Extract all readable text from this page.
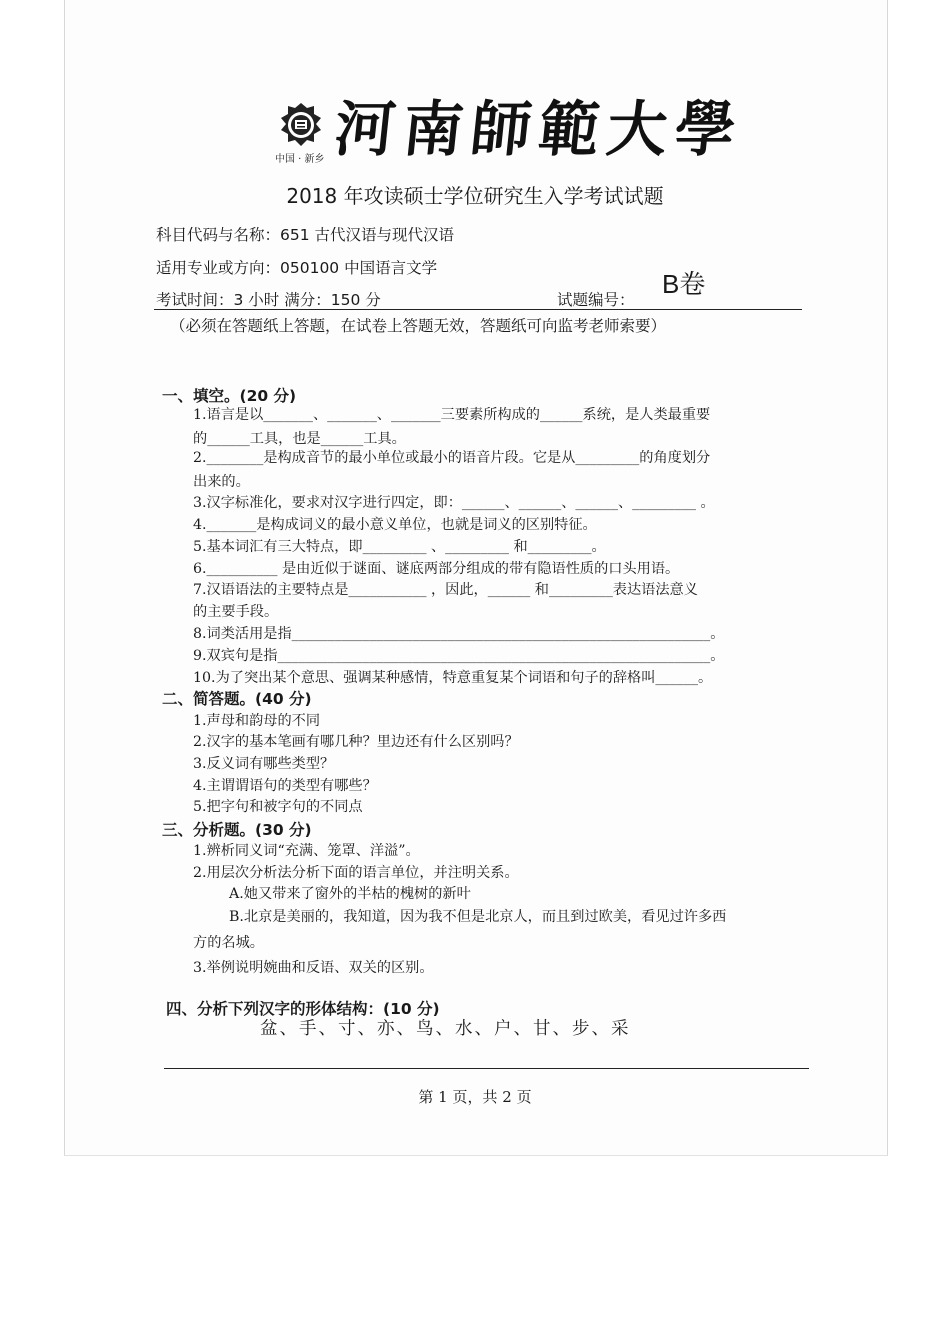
中国 · 新乡 河南師範大學
2018 年攻读硕士学位研究生入学考试试题
科目代码与名称：651 古代汉语与现代汉语
适用专业或方向：050100 中国语言文学
考试时间：3 小时 满分：150 分	试题编号：
B卷
（必须在答题纸上答题，在试卷上答题无效，答题纸可向监考老师索要）
一、填空。(20 分)
1.语言是以_______、_______、_______三要素所构成的______系统，是人类最重要
的______工具，也是______工具。
2.________是构成音节的最小单位或最小的语音片段。它是从_________的角度划分
出来的。
3.汉字标准化，要求对汉字进行四定，即：______、______、______、_________ 。
4._______是构成词义的最小意义单位，也就是词义的区别特征。
5.基本词汇有三大特点，即_________ 、_________ 和_________。
6.__________ 是由近似于谜面、谜底两部分组成的带有隐语性质的口头用语。
7.汉语语法的主要特点是___________ ，因此，______ 和_________表达语法意义
的主要手段。
8.词类活用是指___________________________________________________________。
9.双宾句是指_____________________________________________________________。
10.为了突出某个意思、强调某种感情，特意重复某个词语和句子的辞格叫______。
二、简答题。(40 分)
1.声母和韵母的不同
2.汉字的基本笔画有哪几种？里边还有什么区别吗？
3.反义词有哪些类型？
4.主谓谓语句的类型有哪些？
5.把字句和被字句的不同点
三、分析题。(30 分)
1.辨析同义词“充满、笼罩、洋溢”。
2.用层次分析法分析下面的语言单位，并注明关系。
A.她又带来了窗外的半枯的槐树的新叶
B.北京是美丽的，我知道，因为我不但是北京人，而且到过欧美，看见过许多西
方的名城。
3.举例说明婉曲和反语、双关的区别。
四、分析下列汉字的形体结构：(10 分)
盆、手、寸、亦、鸟、水、户、甘、步、采
第 1 页，共 2 页
